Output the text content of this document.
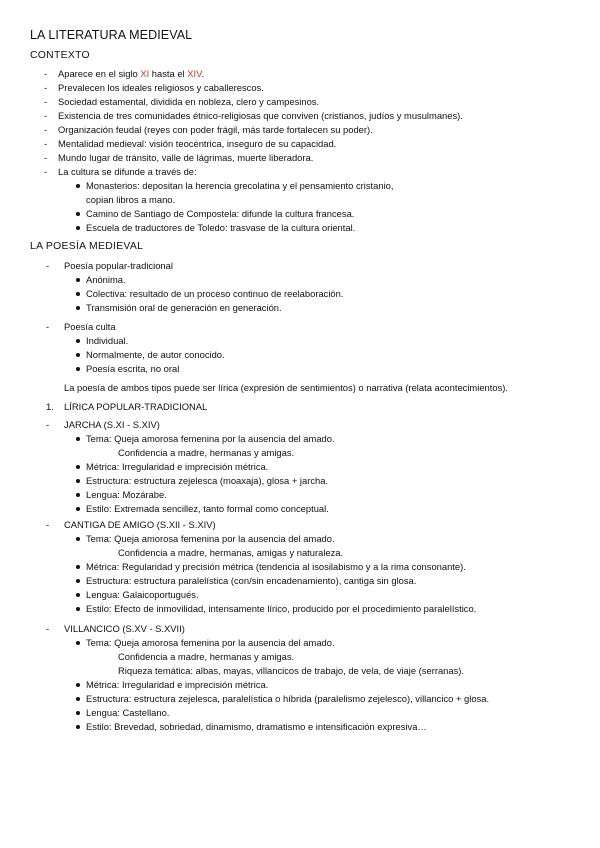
LA LITERATURA MEDIEVAL
CONTEXTO
- Aparece en el siglo XI hasta el XIV.
- Prevalecen los ideales religiosos y caballerescos.
- Sociedad estamental, dividida en nobleza, clero y campesinos.
- Existencia de tres comunidades étnico-religiosas que conviven (cristianos, judíos y musulmanes).
- Organización feudal (reyes con poder frágil, más tarde fortalecen su poder).
- Mentalidad medieval: visión teocéntrica, inseguro de su capacidad.
- Mundo lugar de tránsito, valle de lágrimas, muerte liberadora.
- La cultura se difunde a través de:
Monasterios: depositan la herencia grecolatina y el pensamiento cristanio,
copian libros a mano.
Camino de Santiago de Compostela: difunde la cultura francesa.
Escuela de traductores de Toledo: trasvase de la cultura oriental.
LA POESÍA MEDIEVAL
- Poesía popular-tradicional
Anónima.
Colectiva: resultado de un proceso continuo de reelaboración.
Transmisión oral de generación en generación.
- Poesía culta
Individual.
Normalmente, de autor conocido.
Poesía escrita, no oral
La poesía de ambos tipos puede ser lírica (expresión de sentimientos) o narrativa (relata acontecimientos).
1. LÍRICA POPULAR-TRADICIONAL
- JARCHA (S.XI - S.XIV)
Tema: Queja amorosa femenina por la ausencia del amado.
Confidencia a madre, hermanas y amigas.
Métrica: Irregularidad e imprecisión métrica.
Estructura: estructura zejelesca (moaxaja), glosa + jarcha.
Lengua: Mozárabe.
Estilo: Extremada sencillez, tanto formal como conceptual.
- CANTIGA DE AMIGO (S.XII - S.XIV)
Tema: Queja amorosa femenina por la ausencia del amado.
Confidencia a madre, hermanas, amigas y naturaleza.
Métrica: Regularidad y precisión métrica (tendencia al isosilabismo y a la rima consonante).
Estructura: estructura paralelística (con/sin encadenamiento), cantiga sin glosa.
Lengua: Galaicoportugués.
Estilo: Efecto de inmovilidad, intensamente lírico, producido por el procedimiento paralelístico.
- VILLANCICO (S.XV - S.XVII)
Tema: Queja amorosa femenina por la ausencia del amado.
Confidencia a madre, hermanas y amigas.
Riqueza temática: albas, mayas, villancicos de trabajo, de vela, de viaje (serranas).
Métrica: Irregularidad e imprecisión métrica.
Estructura: estructura zejelesca, paralelística o híbrida (paralelismo zejelesco), villancico + glosa.
Lengua: Castellano.
Estilo: Brevedad, sobriedad, dinamismo, dramatismo e intensificación expresiva…
